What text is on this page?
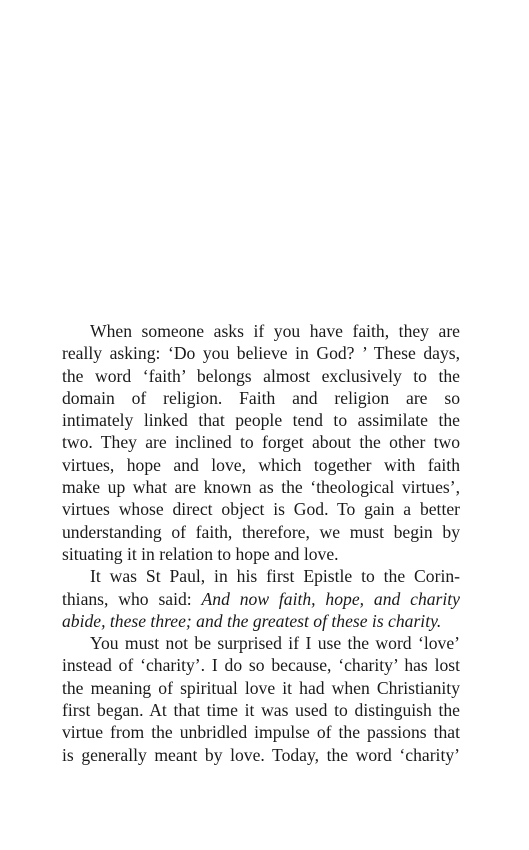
When someone asks if you have faith, they are
really asking: ‘Do you believe in God? ’ These days,
the word ‘faith’ belongs almost exclusively to the
domain of religion. Faith and religion are so
intimately linked that people tend to assimilate the
two. They are inclined to forget about the other two
virtues, hope and love, which together with faith
make up what are known as the ‘theological virtues’,
virtues whose direct object is God. To gain a better
understanding of faith, therefore, we must begin by
situating it in relation to hope and love.

It was St Paul, in his first Epistle to the Corin-
thians, who said: And now faith, hope, and charity
abide, these three; and the greatest of these is charity.

You must not be surprised if I use the word ‘love’
instead of ‘charity’. I do so because, ‘charity’ has lost
the meaning of spiritual love it had when Christianity
first began. At that time it was used to distinguish the
virtue from the unbridled impulse of the passions that
is generally meant by love. Today, the word ‘charity’
